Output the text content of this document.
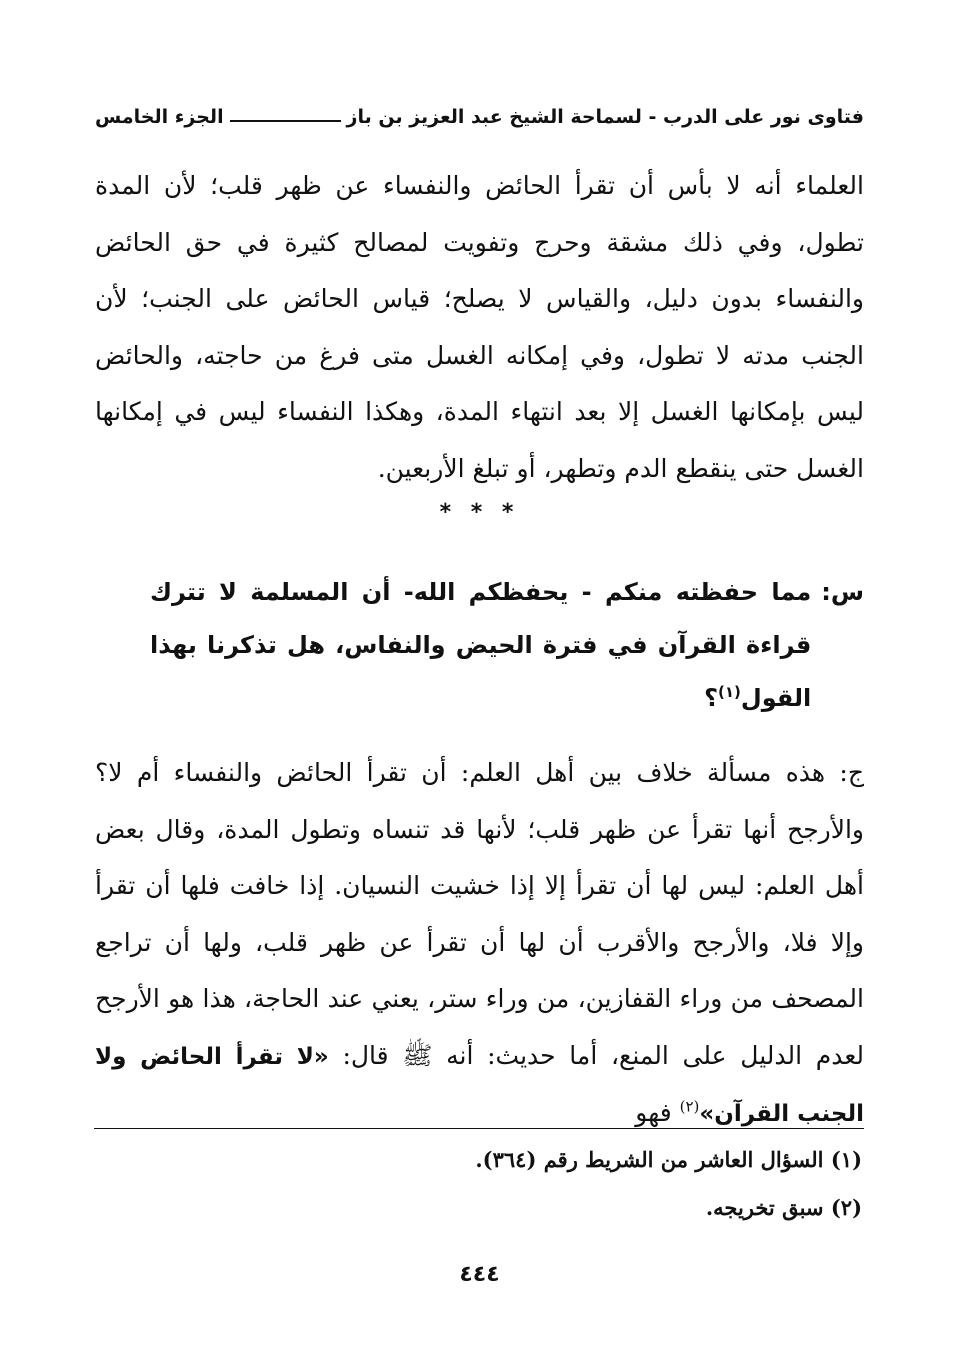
فتاوى نور على الدرب - لسماحة الشيخ عبد العزيز بن باز
الجزء الخامس

العلماء أنه لا بأس أن تقرأ الحائض والنفساء عن ظهر قلب؛ لأن المدة تطول، وفي ذلك مشقة وحرج وتفويت لمصالح كثيرة في حق الحائض والنفساء بدون دليل، والقياس لا يصلح؛ قياس الحائض على الجنب؛ لأن الجنب مدته لا تطول، وفي إمكانه الغسل متى فرغ من حاجته، والحائض ليس بإمكانها الغسل إلا بعد انتهاء المدة، وهكذا النفساء ليس في إمكانها الغسل حتى ينقطع الدم وتطهر، أو تبلغ الأربعين.

* * *
س:
مما حفظته منكم - يحفظكم الله- أن المسلمة لا تترك قراءة القرآن في فترة الحيض والنفاس، هل تذكرنا بهذا القول$^{(١)}$؟

ج: هذه مسألة خلاف بين أهل العلم: أن تقرأ الحائض والنفساء أم لا؟ والأرجح أنها تقرأ عن ظهر قلب؛ لأنها قد تنساه وتطول المدة، وقال بعض أهل العلم: ليس لها أن تقرأ إلا إذا خشيت النسيان. إذا خافت فلها أن تقرأ وإلا فلا، والأرجح والأقرب أن لها أن تقرأ عن ظهر قلب، ولها أن تراجع المصحف من وراء القفازين، من وراء ستر، يعني عند الحاجة، هذا هو الأرجح لعدم الدليل على المنع، أما حديث: أنه ﷺ قال: «لا تقرأ الحائض ولا الجنب القرآن»$^{(٢)}$ فهو

(١) السؤال العاشر من الشريط رقم (٣٦٤).
(٢) سبق تخريجه.
٤٤٤
